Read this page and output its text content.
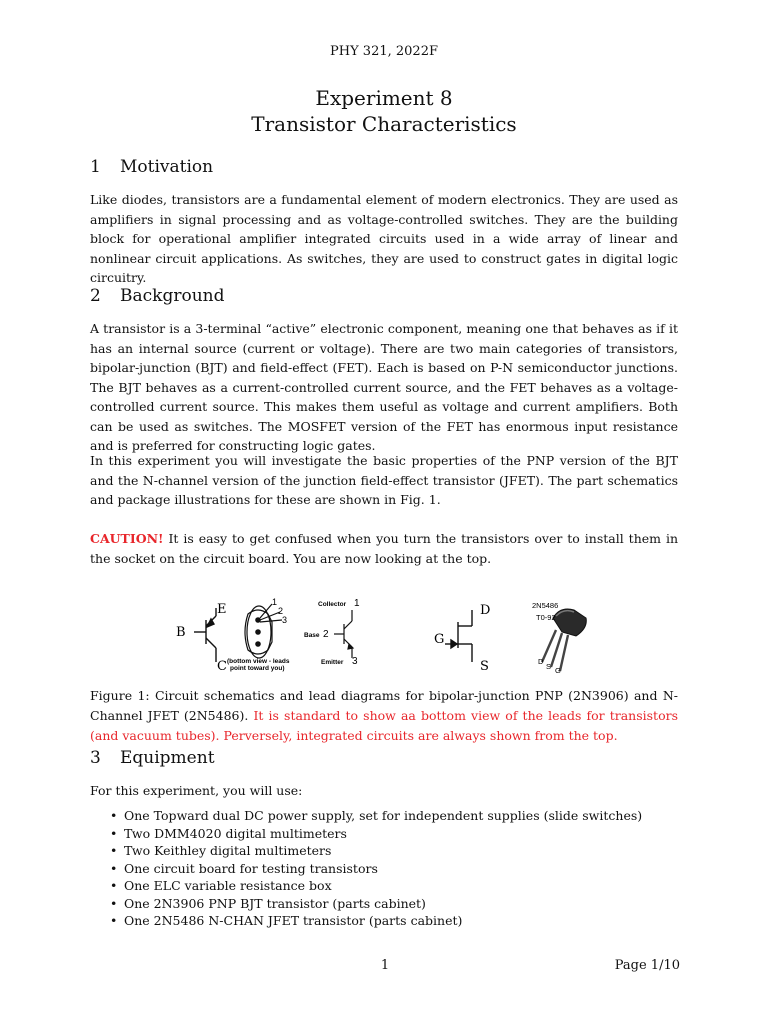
PHY 321, 2022F
Experiment 8
Transistor Characteristics
1 Motivation
Like diodes, transistors are a fundamental element of modern electronics. They are used as amplifiers in signal processing and as voltage-controlled switches. They are the building block for operational amplifier integrated circuits used in a wide array of linear and nonlinear circuit applications. As switches, they are used to construct gates in digital logic circuitry.
2 Background
A transistor is a 3-terminal “active” electronic component, meaning one that behaves as if it has an internal source (current or voltage). There are two main categories of transistors, bipolar-junction (BJT) and field-effect (FET). Each is based on P-N semiconductor junctions. The BJT behaves as a current-controlled current source, and the FET behaves as a voltage-controlled current source. This makes them useful as voltage and current amplifiers. Both can be used as switches. The MOSFET version of the FET has enormous input resistance and is preferred for constructing logic gates.
In this experiment you will investigate the basic properties of the PNP version of the BJT and the N-channel version of the junction field-effect transistor (JFET). The part schematics and package illustrations for these are shown in Fig. 1.
CAUTION! It is easy to get confused when you turn the transistors over to install them in the socket on the circuit board. You are now looking at the top.
E
B
C
1
2
3
(bottom view - leads
point toward you)
Collector 1
Base 2
Emitter 3
D
G
S
2N5486
T0-92
D
S G
Figure 1: Circuit schematics and lead diagrams for bipolar-junction PNP (2N3906) and N-Channel JFET (2N5486). It is standard to show aa bottom view of the leads for transistors (and vacuum tubes). Perversely, integrated circuits are always shown from the top.
3 Equipment
For this experiment, you will use:
• One Topward dual DC power supply, set for independent supplies (slide switches)
• Two DMM4020 digital multimeters
• Two Keithley digital multimeters
• One circuit board for testing transistors
• One ELC variable resistance box
• One 2N3906 PNP BJT transistor (parts cabinet)
• One 2N5486 N-CHAN JFET transistor (parts cabinet)
1	Page 1/10
